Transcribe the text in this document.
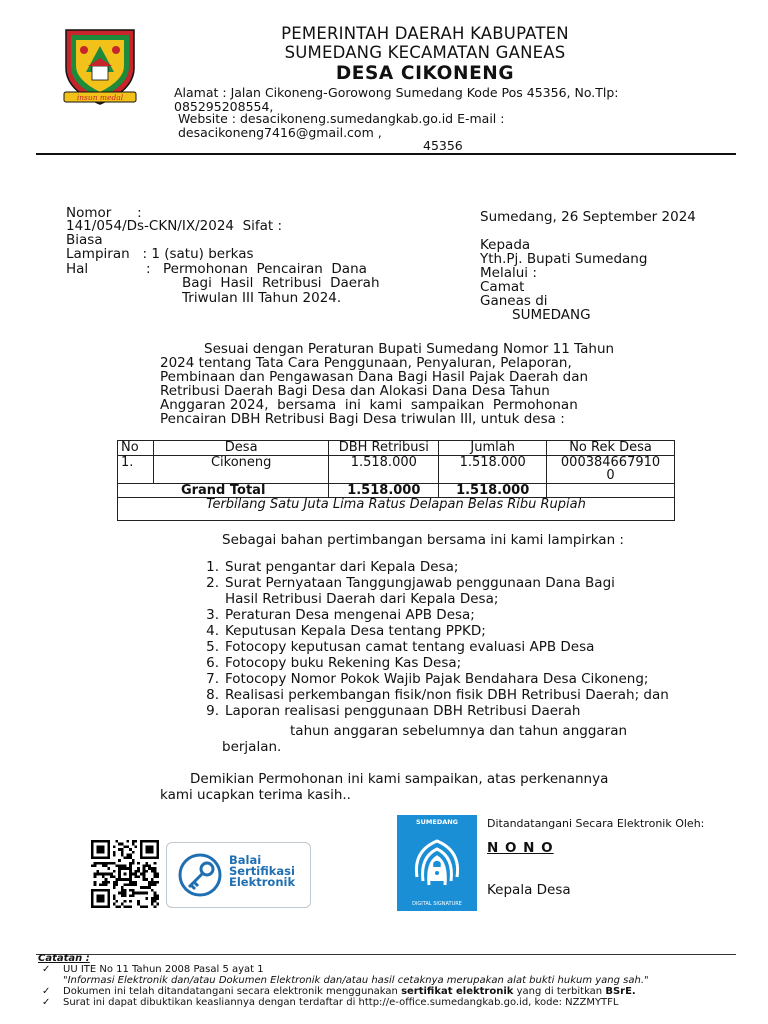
insun medal
PEMERINTAH DAERAH KABUPATEN
SUMEDANG KECAMATAN GANEAS
DESA CIKONENG
Alamat : Jalan Cikoneng-Gorowong Sumedang Kode Pos 45356, No.Tlp:
085295208554,
Website : desacikoneng.sumedangkab.go.id E-mail :
desacikoneng7416@gmail.com ,
45356
Nomor      :
141/054/Ds-CKN/IX/2024  Sifat :
Biasa
Lampiran   : 1 (satu) berkas
Hal	: Permohonan  Pencairan  Dana
Bagi  Hasil  Retribusi  Daerah
Triwulan III Tahun 2024.
Sumedang, 26 September 2024
Kepada
Yth.Pj. Bupati Sumedang
Melalui :
Camat
Ganeas di
SUMEDANG
Sesuai dengan Peraturan Bupati Sumedang Nomor 11 Tahun
2024 tentang Tata Cara Penggunaan, Penyaluran, Pelaporan,
Pembinaan dan Pengawasan Dana Bagi Hasil Pajak Daerah dan
Retribusi Daerah Bagi Desa dan Alokasi Dana Desa Tahun
Anggaran 2024,  bersama  ini  kami  sampaikan  Permohonan
Pencairan DBH Retribusi Bagi Desa triwulan III, untuk desa :
No	Desa	DBH Retribusi	Jumlah	No Rek Desa
1.	Cikoneng	1.518.000	1.518.000	000384667910
0

Grand Total		1.518.000	1.518.000	
Terbilang Satu Juta Lima Ratus Delapan Belas Ribu Rupiah				
Sebagai bahan pertimbangan bersama ini kami lampirkan :
1. Surat pengantar dari Kepala Desa;
2. Surat Pernyataan Tanggungjawab penggunaan Dana Bagi
Hasil Retribusi Daerah dari Kepala Desa;
3. Peraturan Desa mengenai APB Desa;
4. Keputusan Kepala Desa tentang PPKD;
5. Fotocopy keputusan camat tentang evaluasi APB Desa
6. Fotocopy buku Rekening Kas Desa;
7. Fotocopy Nomor Pokok Wajib Pajak Bendahara Desa Cikoneng;
8. Realisasi perkembangan fisik/non fisik DBH Retribusi Daerah; dan
9. Laporan realisasi penggunaan DBH Retribusi Daerah
tahun anggaran sebelumnya dan tahun anggaran
berjalan.
Demikian Permohonan ini kami sampaikan, atas perkenannya
kami ucapkan terima kasih..
Balai
Sertifikasi
Elektronik
SUMEDANG
DIGITAL SIGNATURE
Ditandatangani Secara Elektronik Oleh:
N O N O
Kepala Desa
Catatan :
✓ UU ITE No 11 Tahun 2008 Pasal 5 ayat 1
"Informasi Elektronik dan/atau Dokumen Elektronik dan/atau hasil cetaknya merupakan alat bukti hukum yang sah."
✓ Dokumen ini telah ditandatangani secara elektronik menggunakan sertifikat elektronik yang di terbitkan BSrE.
✓ Surat ini dapat dibuktikan keasliannya dengan terdaftar di http://e-office.sumedangkab.go.id, kode: NZZMYTFL
